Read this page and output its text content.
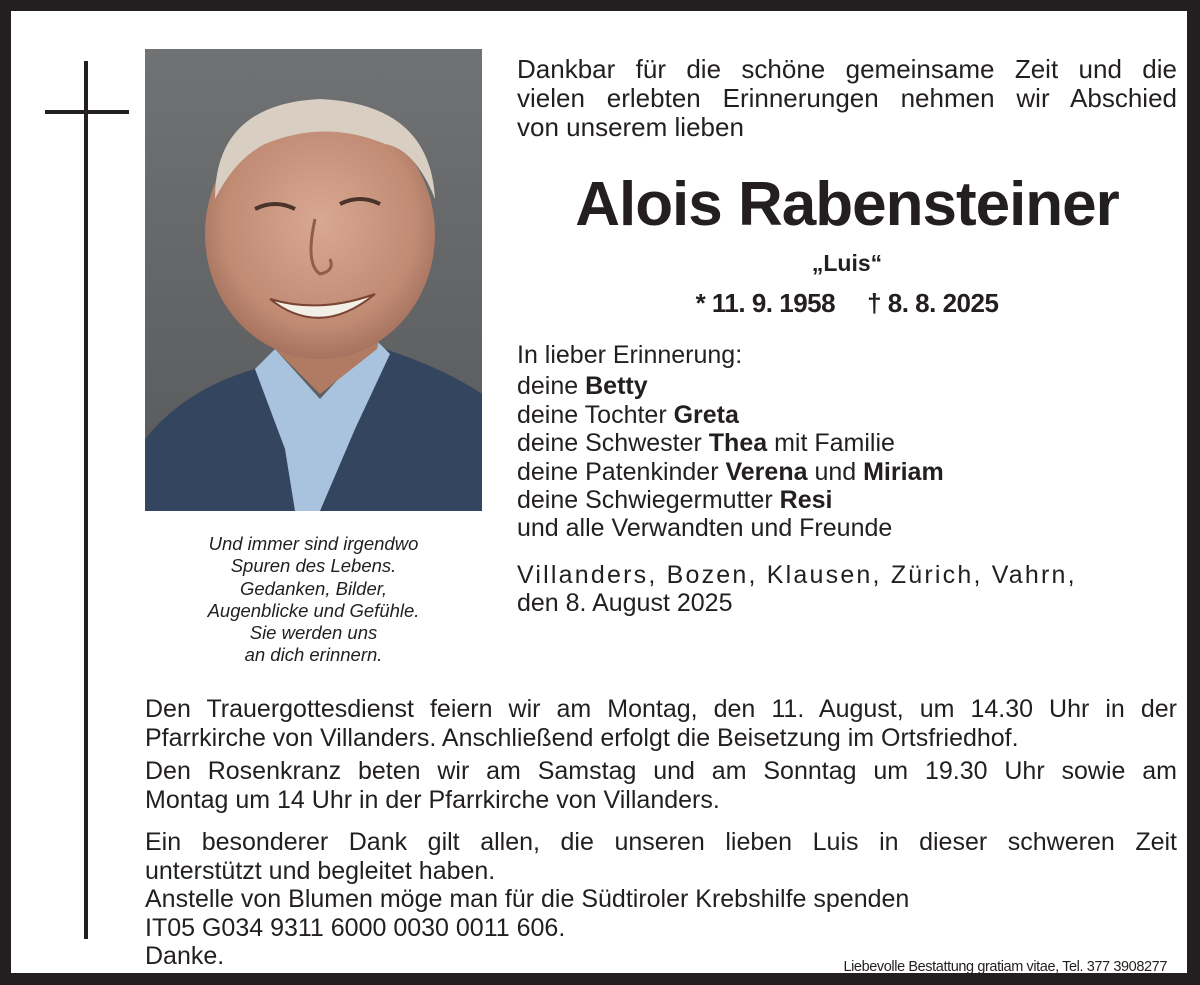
Und immer sind irgendwo
Spuren des Lebens.
Gedanken, Bilder,
Augenblicke und Gefühle.
Sie werden uns
an dich erinnern.
Dankbar für die schöne gemeinsame Zeit und die
vielen erlebten Erinnerungen nehmen wir Abschied
von unserem lieben
Alois Rabensteiner
„Luis“
* 11. 9. 1958 † 8. 8. 2025
In lieber Erinnerung:
deine Betty
deine Tochter Greta
deine Schwester Thea mit Familie
deine Patenkinder Verena und Miriam
deine Schwiegermutter Resi
und alle Verwandten und Freunde
Villanders, Bozen, Klausen, Zürich, Vahrn,
den 8. August 2025

Den Trauergottesdienst feiern wir am Montag, den 11. August, um 14.30 Uhr in der
Pfarrkirche von Villanders. Anschließend erfolgt die Beisetzung im Ortsfriedhof.

Den Rosenkranz beten wir am Samstag und am Sonntag um 19.30 Uhr sowie am
Montag um 14 Uhr in der Pfarrkirche von Villanders.

Ein besonderer Dank gilt allen, die unseren lieben Luis in dieser schweren Zeit
unterstützt und begleitet haben.
Anstelle von Blumen möge man für die Südtiroler Krebshilfe spenden
IT05 G034 9311 6000 0030 0011 606.
Danke.	Liebevolle Bestattung gratiam vitae, Tel. 377 3908277
